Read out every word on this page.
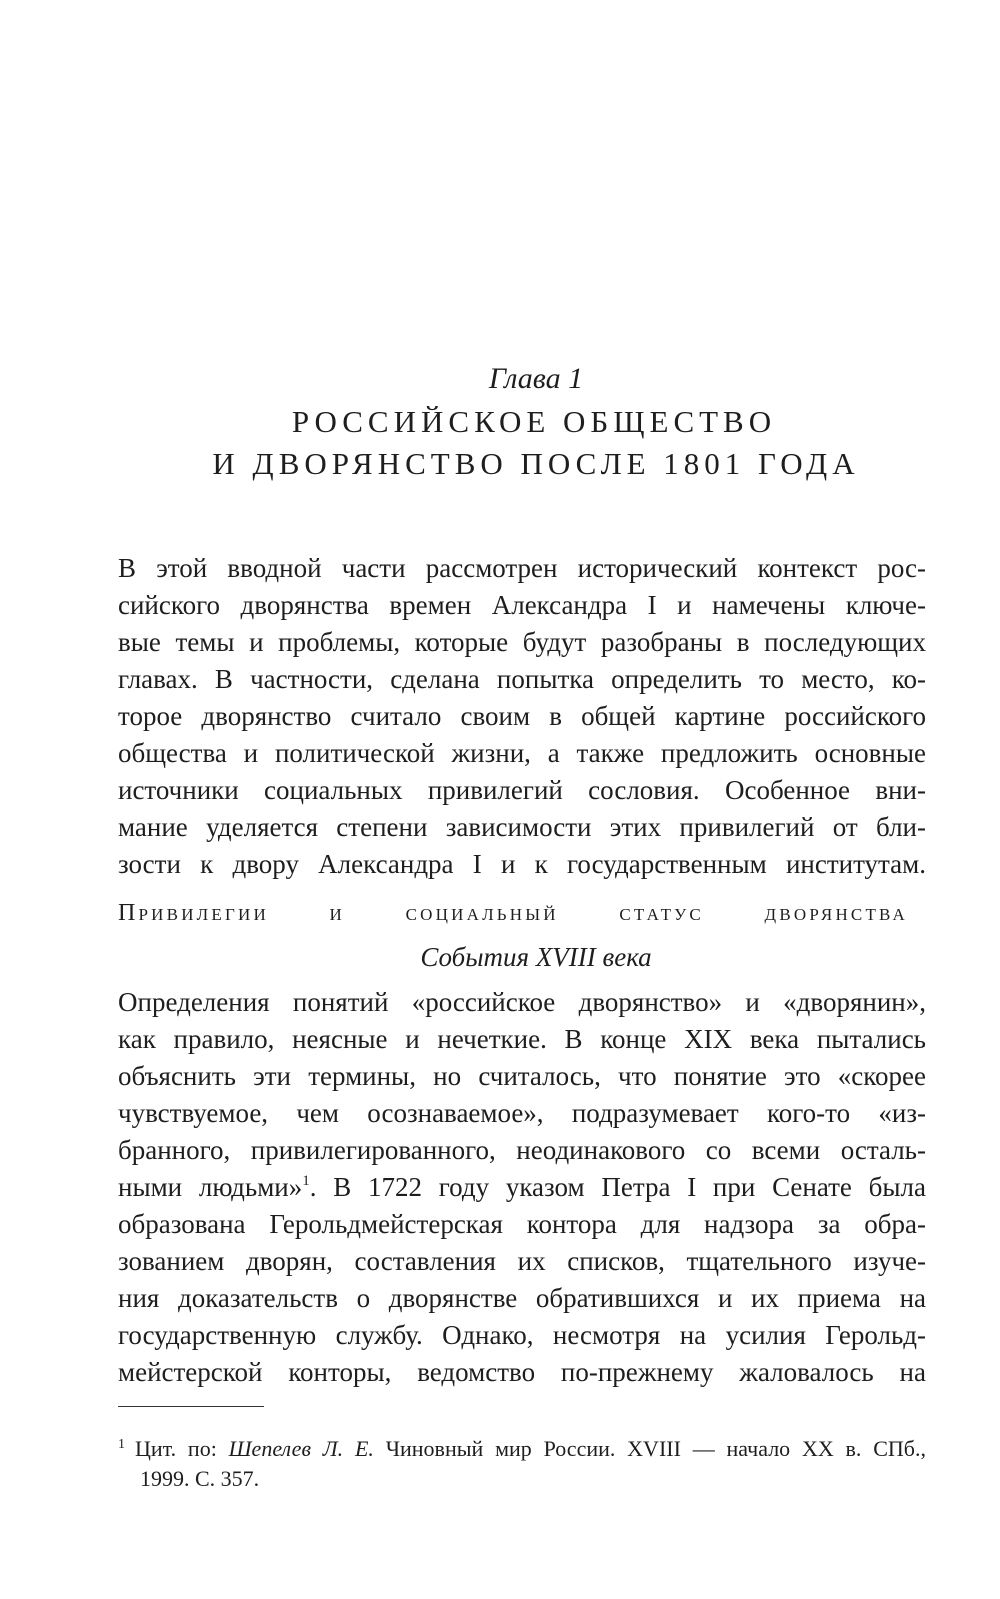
Глава 1
РОССИЙСКОЕ ОБЩЕСТВО
И ДВОРЯНСТВО ПОСЛЕ 1801 ГОДА
В этой вводной части рассмотрен исторический контекст рос-
сийского дворянства времен Александра I и намечены ключе-
вые темы и проблемы, которые будут разобраны в последующих
главах. В частности, сделана попытка определить то место, ко-
торое дворянство считало своим в общей картине российского
общества и политической жизни, а также предложить основные
источники социальных привилегий сословия. Особенное вни-
мание уделяется степени зависимости этих привилегий от бли-
зости к двору Александра I и к государственным институтам.
Привилегии и социальный статус дворянства
События XVIII века
Определения понятий «российское дворянство» и «дворянин»,
как правило, неясные и нечеткие. В конце XIX века пытались
объяснить эти термины, но считалось, что понятие это «скорее
чувствуемое, чем осознаваемое», подразумевает кого-то «из-
бранного, привилегированного, неодинакового со всеми осталь-
ными людьми»$^1$. В 1722 году указом Петра I при Сенате была
образована Герольдмейстерская контора для надзора за обра-
зованием дворян, составления их списков, тщательного изуче-
ния доказательств о дворянстве обратившихся и их приема на
государственную службу. Однако, несмотря на усилия Герольд-
мейстерской конторы, ведомство по-прежнему жаловалось на
$^1$ Цит. по: Шепелев Л. Е. Чиновный мир России. XVIII — начало XX в. СПб.,
1999. С. 357.
